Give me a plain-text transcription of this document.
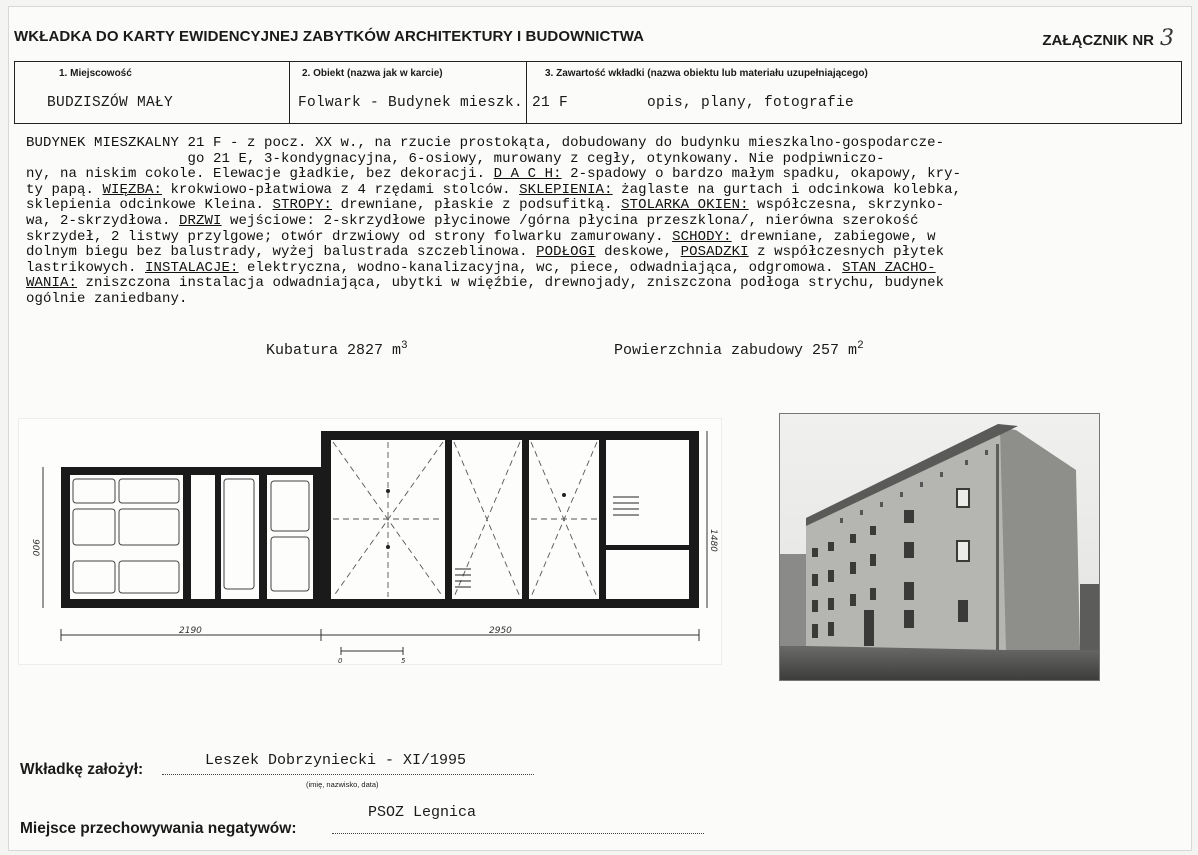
WKŁADKA DO KARTY EWIDENCYJNEJ ZABYTKÓW ARCHITEKTURY I BUDOWNICTWA	ZAŁĄCZNIK NR 3
1. Miejscowość
BUDZISZÓW MAŁY
2. Obiekt (nazwa jak w karcie)
Folwark - Budynek mieszk. 21 F
3. Zawartość wkładki (nazwa obiektu lub materiału uzupełniającego)
opis, plany, fotografie
BUDYNEK MIESZKALNY 21 F - z pocz. XX w., na rzucie prostokąta, dobudowany do budynku mieszkalno-gospodarcze-
go 21 E, 3-kondygnacyjna, 6-osiowy, murowany z cegły, otynkowany. Nie podpiwniczo-
ny, na niskim cokole. Elewacje gładkie, bez dekoracji. D A C H: 2-spadowy o bardzo małym spadku, okapowy, kry-
ty papą. WIĘZBA: krokwiowo-płatwiowa z 4 rzędami stolców. SKLEPIENIA: żaglaste na gurtach i odcinkowa kolebka,
sklepienia odcinkowe Kleina. STROPY: drewniane, płaskie z podsufitką. STOLARKA OKIEN: współczesna, skrzynko-
wa, 2-skrzydłowa. DRZWI wejściowe: 2-skrzydłowe płycinowe /górna płycina przeszklona/, nierówna szerokość
skrzydeł, 2 listwy przylgowe; otwór drzwiowy od strony folwarku zamurowany. SCHODY: drewniane, zabiegowe, w
dolnym biegu bez balustrady, wyżej balustrada szczeblinowa. PODŁOGI deskowe, POSADZKI z współczesnych płytek
lastrikowych. INSTALACJE: elektryczna, wodno-kanalizacyjna, wc, piece, odwadniająca, odgromowa. STAN ZACHO-
WANIA: zniszczona instalacja odwadniająca, ubytki w więźbie, drewnojady, zniszczona podłoga strychu, budynek
ogólnie zaniedbany.
Kubatura 2827 $m^3$	Powierzchnia zabudowy 257 $m^2$
2190	2950
900	1480
0	5
Wkładkę założył:
Leszek Dobrzyniecki - XI/1995
(imię, nazwisko, data)
Miejsce przechowywania negatywów:
PSOZ Legnica
